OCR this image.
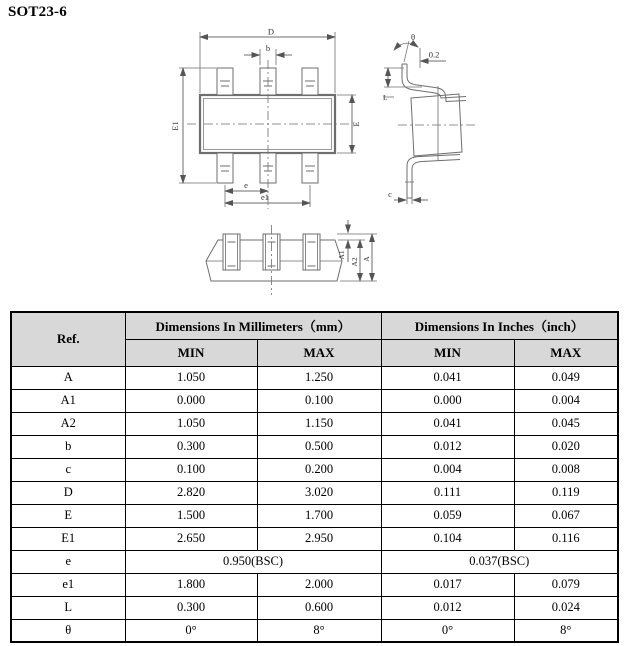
SOT23-6
D
b
E1	E
e
e1
θ
0.2
L
c
A1
A2 A
Ref.	Dimensions In Millimeters（mm）		Dimensions In Inches（inch）	
	MIN	MAX	MIN	MAX
A	1.050	1.250	0.041	0.049
A1	0.000	0.100	0.000	0.004
A2	1.050	1.150	0.041	0.045
b	0.300	0.500	0.012	0.020
c	0.100	0.200	0.004	0.008
D	2.820	3.020	0.111	0.119
E	1.500	1.700	0.059	0.067
E1	2.650	2.950	0.104	0.116
e	0.950(BSC)		0.037(BSC)	
e1	1.800	2.000	0.017	0.079
L	0.300	0.600	0.012	0.024
θ	0°	8°	0°	8°
